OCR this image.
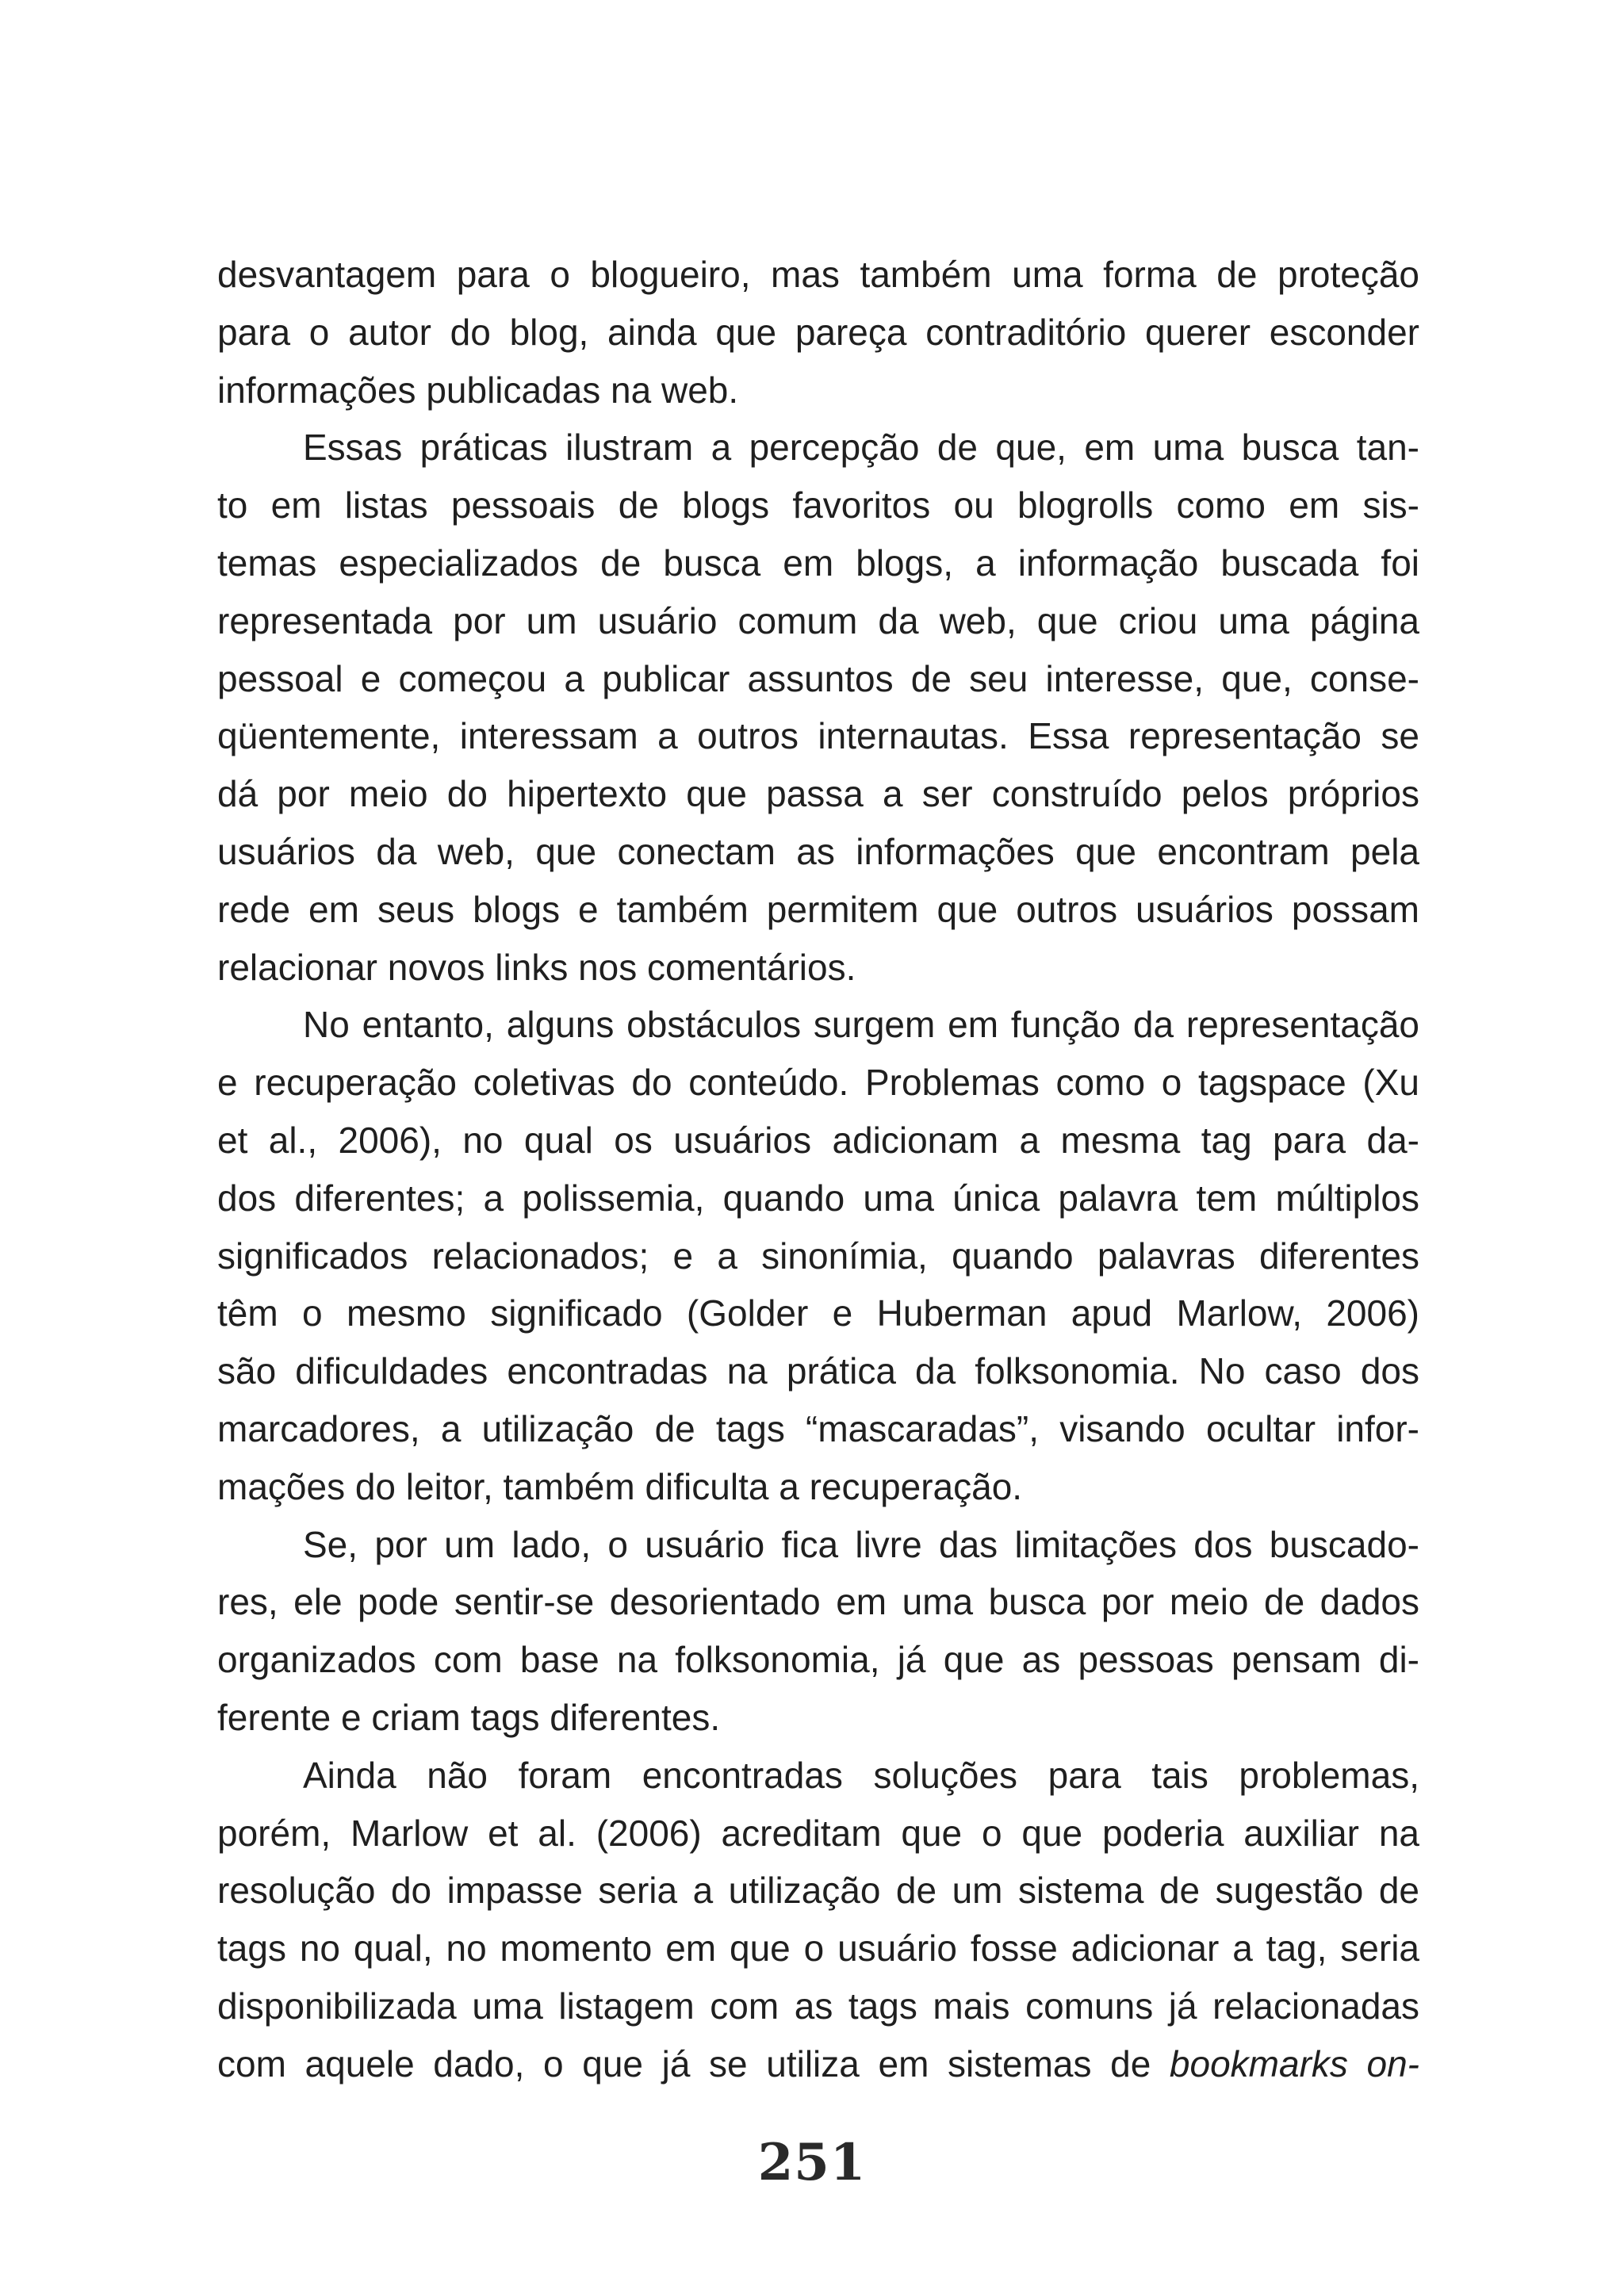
desvantagem para o blogueiro, mas também uma forma de proteção
para o autor do blog, ainda que pareça contraditório querer esconder
informações publicadas na web.
Essas práticas ilustram a percepção de que, em uma busca tan-
to em listas pessoais de blogs favoritos ou blogrolls como em sis-
temas especializados de busca em blogs, a informação buscada foi
representada por um usuário comum da web, que criou uma página
pessoal e começou a publicar assuntos de seu interesse, que, conse-
qüentemente, interessam a outros internautas. Essa representação se
dá por meio do hipertexto que passa a ser construído pelos próprios
usuários da web, que conectam as informações que encontram pela
rede em seus blogs e também permitem que outros usuários possam
relacionar novos links nos comentários.
No entanto, alguns obstáculos surgem em função da representação
e recuperação coletivas do conteúdo. Problemas como o tagspace (Xu
et al., 2006), no qual os usuários adicionam a mesma tag para da-
dos diferentes; a polissemia, quando uma única palavra tem múltiplos
significados relacionados; e a sinonímia, quando palavras diferentes
têm o mesmo significado (Golder e Huberman apud Marlow, 2006)
são dificuldades encontradas na prática da folksonomia. No caso dos
marcadores, a utilização de tags “mascaradas”, visando ocultar infor-
mações do leitor, também dificulta a recuperação.
Se, por um lado, o usuário fica livre das limitações dos buscado-
res, ele pode sentir-se desorientado em uma busca por meio de dados
organizados com base na folksonomia, já que as pessoas pensam di-
ferente e criam tags diferentes.
Ainda não foram encontradas soluções para tais problemas,
porém, Marlow et al. (2006) acreditam que o que poderia auxiliar na
resolução do impasse seria a utilização de um sistema de sugestão de
tags no qual, no momento em que o usuário fosse adicionar a tag, seria
disponibilizada uma listagem com as tags mais comuns já relacionadas
com aquele dado, o que já se utiliza em sistemas de bookmarks on-
251
